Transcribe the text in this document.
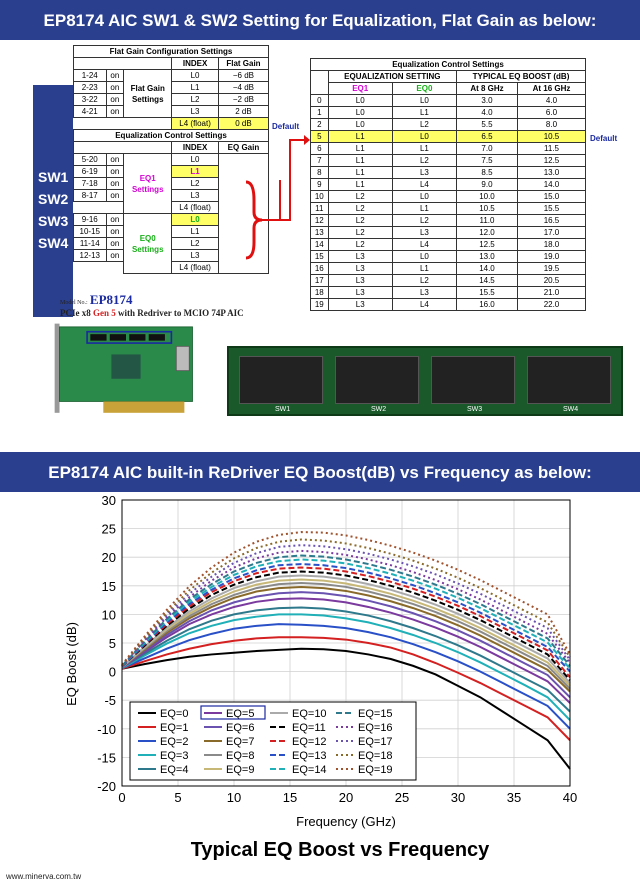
EP8174 AIC SW1 & SW2 Setting for Equalization, Flat Gain as below:
SW1
SW2
SW3
SW4
Flat Gain Configuration Settings				
			INDEX	Flat Gain
1-24	on	Flat Gain Settings	L0	−6 dB
2-23	on		L1	−4 dB
3-22	on		L2	−2 dB
4-21	on		L3	2 dB
			L4 (float)	0 dB
Equalization Control Settings				
			INDEX	EQ Gain
5-20	on	EQ1 Settings	L0	
6-19	on		L1	
7-18	on		L2	
8-17	on		L3	
			L4 (float)	
9-16	on	EQ0 Settings	L0	
10-15	on		L1	
11-14	on		L2	
12-13	on		L3	
			L4 (float)	
Default
Equalization Control Settings				
	EQUALIZATION SETTING		TYPICAL EQ BOOST (dB)	
	EQ1	EQ0	At 8 GHz	At 16 GHz
0	L0	L0	3.0	4.0
1	L0	L1	4.0	6.0
2	L0	L2	5.5	8.0
5	L1	L0	6.5	10.5
6	L1	L1	7.0	11.5
7	L1	L2	7.5	12.5
8	L1	L3	8.5	13.0
9	L1	L4	9.0	14.0
10	L2	L0	10.0	15.0
11	L2	L1	10.5	15.5
12	L2	L2	11.0	16.5
13	L2	L3	12.0	17.0
14	L2	L4	12.5	18.0
15	L3	L0	13.0	19.0
16	L3	L1	14.0	19.5
17	L3	L2	14.5	20.5
18	L3	L3	15.5	21.0
19	L3	L4	16.0	22.0
Default
Model No.: EP8174
PCIe x8 Gen 5 with Redriver to MCIO 74P AIC
SW1	SW2	SW3	SW4
EP8174 AIC built-in ReDriver EQ Boost(dB) vs Frequency as below:
0	5	10	15	20	25	30	35	40
-20
-15
-10
-5
0
5
10
15
20
25
30
EQ=0
EQ=1
EQ=2
EQ=3
EQ=4
EQ=5
EQ=6
EQ=7
EQ=8
EQ=9
EQ=10
EQ=11
EQ=12
EQ=13
EQ=14
EQ=15
EQ=16
EQ=17
EQ=18
EQ=19
EQ Boost (dB)
Frequency (GHz)
Typical EQ Boost vs Frequency
www.minerva.com.tw
